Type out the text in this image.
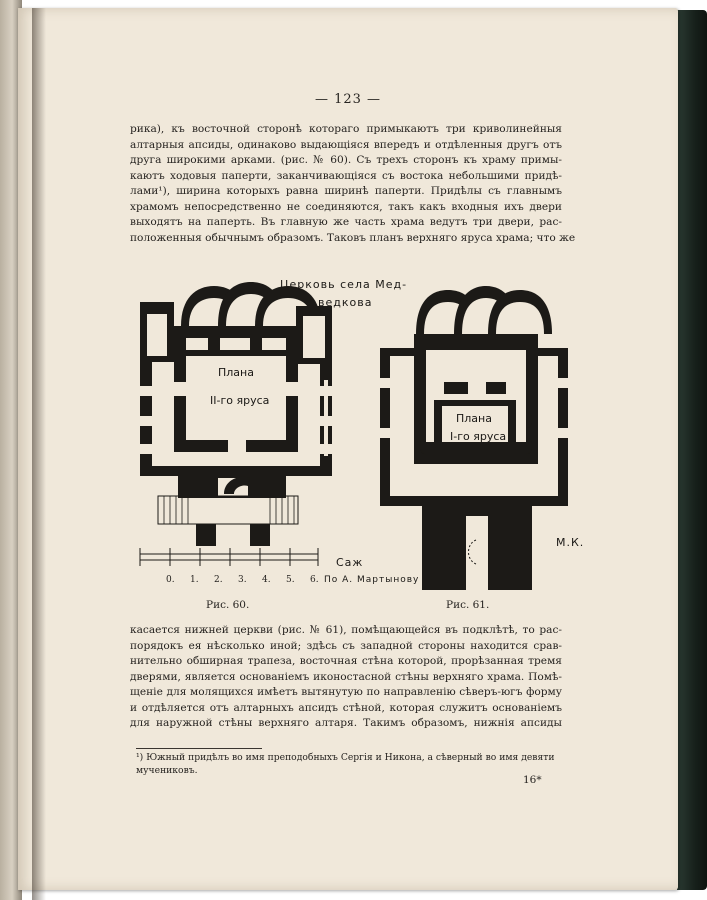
— 123 —
рика), къ восточной сторонѣ котораго примыкаютъ три криволинейныя
алтарныя апсиды, одинаково выдающіяся впередъ и отдѣленныя другъ отъ
друга широкими арками. (рис. № 60). Съ трехъ сторонъ къ храму примы-
каютъ ходовыя паперти, заканчивающіяся съ востока небольшими придѣ-
лами¹), ширина которыхъ равна ширинѣ паперти. Придѣлы съ главнымъ
храмомъ непосредственно не соединяются, такъ какъ входныя ихъ двери
выходятъ на паперть. Въ главную же часть храма ведутъ три двери, рас-
положенныя обычнымъ образомъ. Таковъ планъ верхняго яруса храма; что же
Плана
II-го яруса
Церковь села Мед-
ведкова
Саж
0. 1. 2. 3. 4. 5. 6. По А. Мартынову
Плана
I-го яруса
М.К.
Рис. 60.	Рис. 61.
касается нижней церкви (рис. № 61), помѣщающейся въ подклѣтѣ, то рас-
порядокъ ея нѣсколько иной; здѣсь съ западной стороны находится срав-
нительно обширная трапеза, восточная стѣна которой, прорѣзанная тремя
дверями, является основаніемъ иконостасной стѣны верхняго храма. Помѣ-
щеніе для молящихся имѣетъ вытянутую по направленію сѣверъ-югъ форму
и отдѣляется отъ алтарныхъ апсидъ стѣной, которая служитъ основаніемъ
для наружной стѣны верхняго алтаря. Такимъ образомъ, нижнія апсиды

¹) Южный придѣлъ во имя преподобныхъ Сергія и Никона, а сѣверный во имя девяти мучениковъ.

16*
